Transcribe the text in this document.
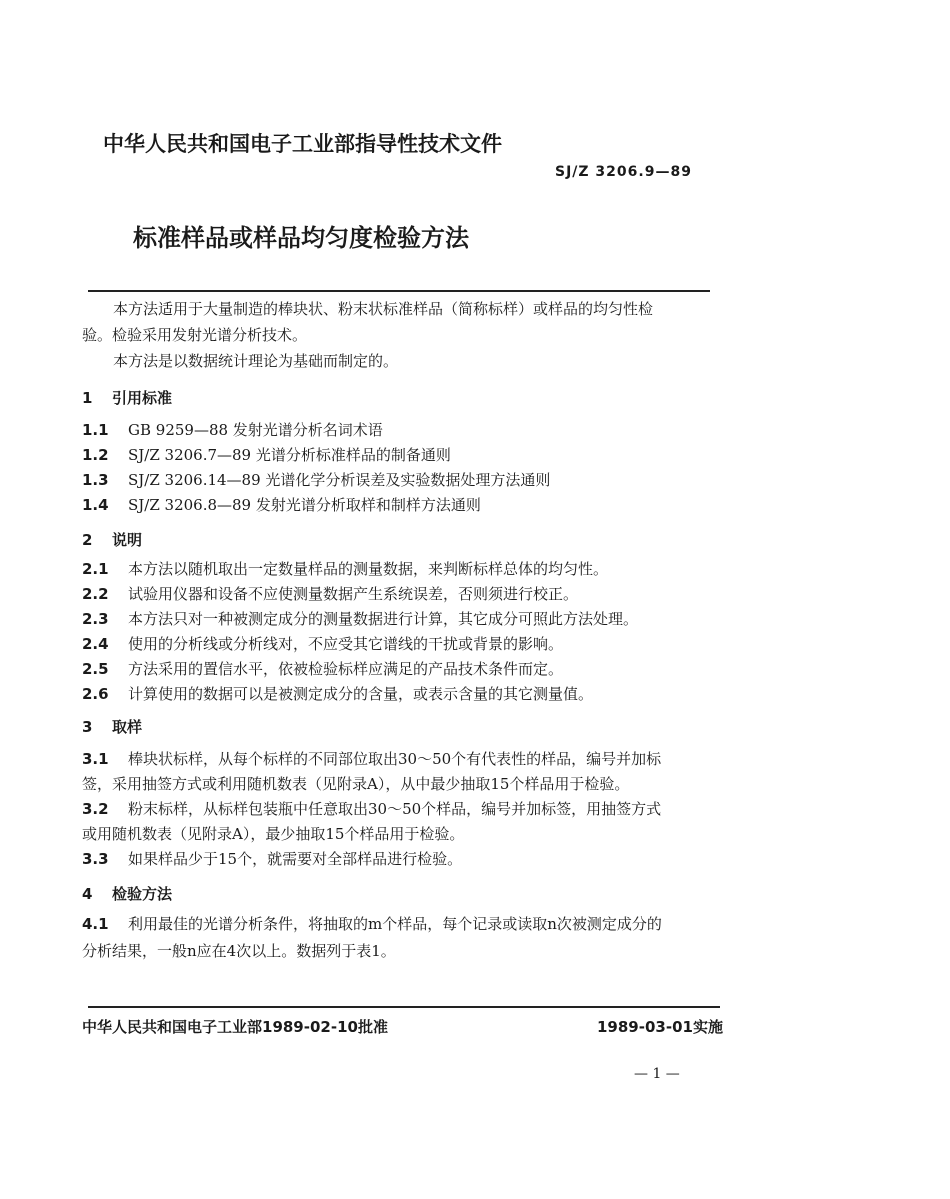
中华人民共和国电子工业部指导性技术文件
SJ/Z 3206.9—89
标准样品或样品均匀度检验方法
本方法适用于大量制造的棒块状、粉末状标准样品（简称标样）或样品的均匀性检
验。检验采用发射光谱分析技术。
本方法是以数据统计理论为基础而制定的。
1 引用标准
1.1 GB 9259—88 发射光谱分析名词术语
1.2 SJ/Z 3206.7—89 光谱分析标准样品的制备通则
1.3 SJ/Z 3206.14—89 光谱化学分析误差及实验数据处理方法通则
1.4 SJ/Z 3206.8—89 发射光谱分析取样和制样方法通则
2 说明
2.1 本方法以随机取出一定数量样品的测量数据，来判断标样总体的均匀性。
2.2 试验用仪器和设备不应使测量数据产生系统误差，否则须进行校正。
2.3 本方法只对一种被测定成分的测量数据进行计算，其它成分可照此方法处理。
2.4 使用的分析线或分析线对，不应受其它谱线的干扰或背景的影响。
2.5 方法采用的置信水平，依被检验标样应满足的产品技术条件而定。
2.6 计算使用的数据可以是被测定成分的含量，或表示含量的其它测量值。
3 取样
3.1 棒块状标样，从每个标样的不同部位取出30～50个有代表性的样品，编号并加标
签，采用抽签方式或利用随机数表（见附录A），从中最少抽取15个样品用于检验。
3.2 粉末标样，从标样包装瓶中任意取出30～50个样品，编号并加标签，用抽签方式
或用随机数表（见附录A），最少抽取15个样品用于检验。
3.3 如果样品少于15个，就需要对全部样品进行检验。
4 检验方法
4.1 利用最佳的光谱分析条件，将抽取的m个样品，每个记录或读取n次被测定成分的
分析结果，一般n应在4次以上。数据列于表1。
中华人民共和国电子工业部1989-02-10批准	1989-03-01实施
— 1 —
